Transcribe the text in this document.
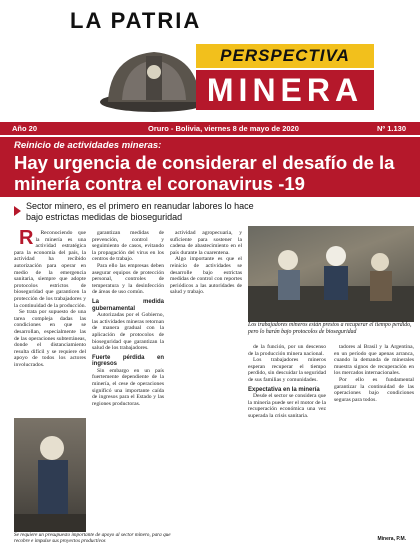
LA PATRIA
PERSPECTIVA
MINERA
Año 20	Oruro - Bolivia, viernes 8 de mayo de 2020	Nº 1.130
Reinicio de actividades mineras:
Hay urgencia de considerar el desafío de la minería contra el coronavirus -19
Sector minero, es el primero en reanudar labores lo hace bajo estrictas medidas de bioseguridad

R Reconociendo que la minería es una actividad estratégica para la economía del país, la actividad ha recibido autorización para operar en medio de la emergencia sanitaria, siempre que adopte protocolos estrictos de bioseguridad que garanticen la protección de los trabajadores y la continuidad de la producción.

Se trata por supuesto de una tarea compleja dadas las condiciones en que se desarrollan, especialmente las de las operaciones subterráneas, donde el distanciamiento resulta difícil y se requiere del apoyo de todos los actores involucrados.

garantizan medidas de prevención, control y seguimiento de casos, evitando la propagación del virus en los centros de trabajo.

Para ello las empresas deben asegurar equipos de protección personal, controles de temperatura y la desinfección de áreas de uso común.

La medida gubernamental

Autorizadas por el Gobierno, las actividades mineras retornan de manera gradual con la aplicación de protocolos de bioseguridad que garantizan la salud de los trabajadores.

Fuerte pérdida en ingresos

Sin embargo en un país fuertemente dependiente de la minería, el cese de operaciones significó una importante caída de ingresos para el Estado y las regiones productoras.

actividad agropecuaria, y suficiente para sostener la cadena de abastecimiento en el país durante la cuarentena.

Algo importante es que el reinicio de actividades se desarrolle bajo estrictas medidas de control con reportes periódicos a las autoridades de salud y trabajo.

Los trabajadores mineros están prestos a recuperar el tiempo perdido, pero lo harán bajo protocolos de bioseguridad

de la función, por un descenso de la producción minera nacional.

Los trabajadores mineros esperan recuperar el tiempo perdido, sin descuidar la seguridad de sus familias y comunidades.

Expectativa en la minería

Desde el sector se considera que la minería puede ser el motor de la recuperación económica una vez superada la crisis sanitaria.

tadores al Brasil y la Argentina, en un período que apenas arranca, cuando la demanda de minerales muestra signos de recuperación en los mercados internacionales.

Por ello es fundamental garantizar la continuidad de las operaciones bajo condiciones seguras para todos.

Se requiere un presupuesto importante de apoyo al sector minero, para que recobre e impulse sus proyectos productivos	Minera, P.M.
